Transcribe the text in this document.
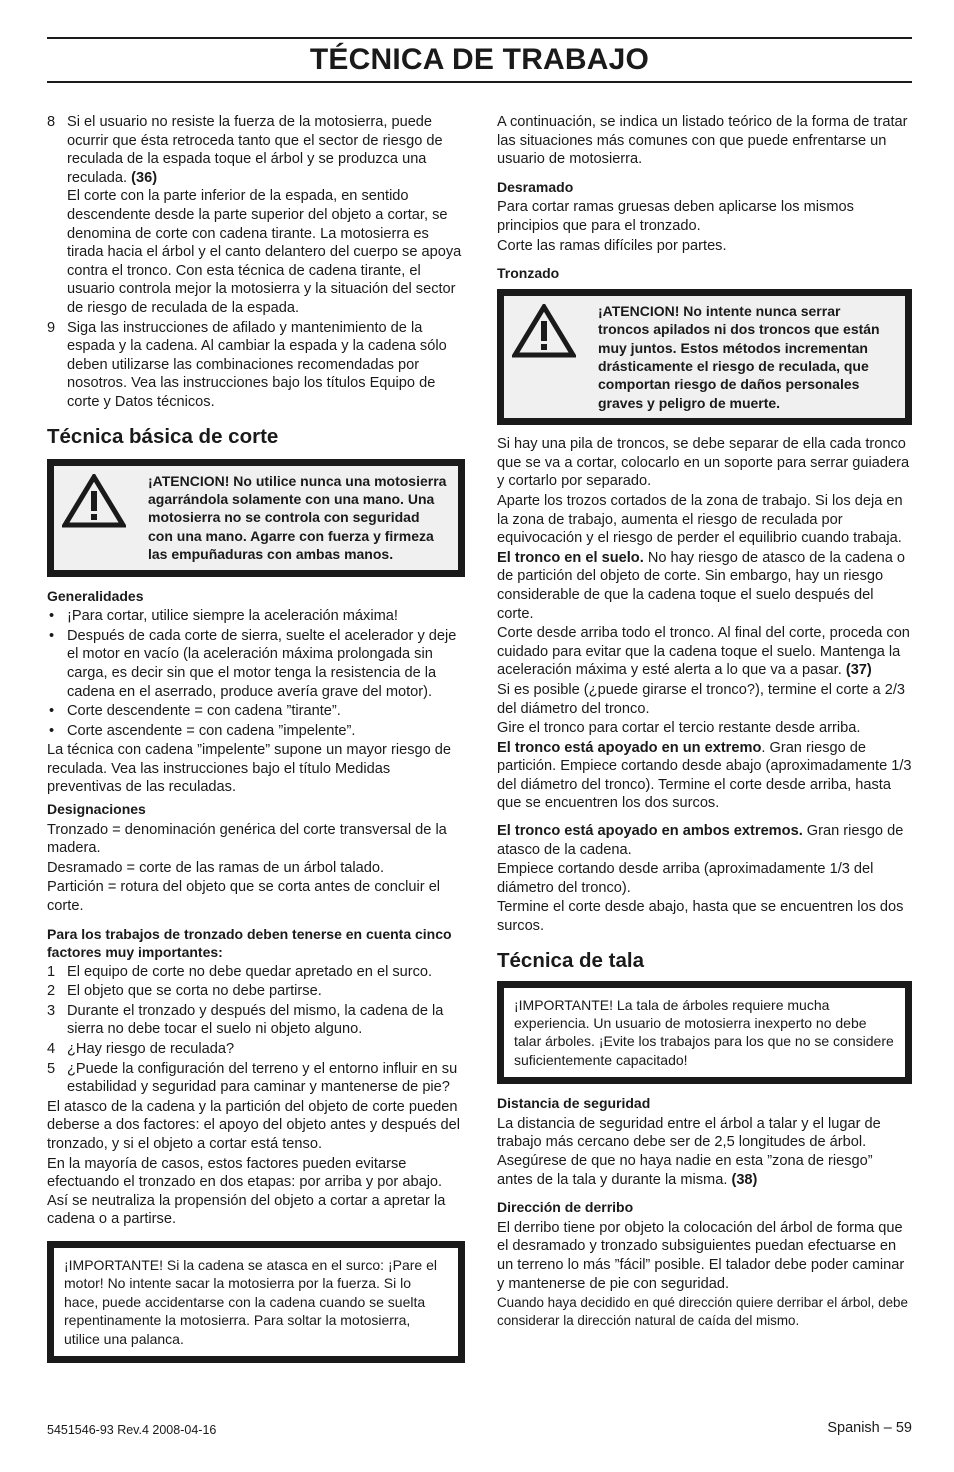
TÉCNICA DE TRABAJO
8 Si el usuario no resiste la fuerza de la motosierra, puede ocurrir que ésta retroceda tanto que el sector de riesgo de reculada de la espada toque el árbol y se produzca una reculada. (36)
El corte con la parte inferior de la espada, en sentido descendente desde la parte superior del objeto a cortar, se denomina de corte con cadena tirante. La motosierra es tirada hacia el árbol y el canto delantero del cuerpo se apoya contra el tronco. Con esta técnica de cadena tirante, el usuario controla mejor la motosierra y la situación del sector de riesgo de reculada de la espada.
9 Siga las instrucciones de afilado y mantenimiento de la espada y la cadena. Al cambiar la espada y la cadena sólo deben utilizarse las combinaciones recomendadas por nosotros. Vea las instrucciones bajo los títulos Equipo de corte y Datos técnicos.
Técnica básica de corte
¡ATENCION! No utilice nunca una motosierra agarrándola solamente con una mano. Una motosierra no se controla con seguridad con una mano. Agarre con fuerza y firmeza las empuñaduras con ambas manos.
Generalidades
• ¡Para cortar, utilice siempre la aceleración máxima!
• Después de cada corte de sierra, suelte el acelerador y deje el motor en vacío (la aceleración máxima prolongada sin carga, es decir sin que el motor tenga la resistencia de la cadena en el aserrado, produce avería grave del motor).
• Corte descendente = con cadena ”tirante”.
• Corte ascendente = con cadena ”impelente”.
La técnica con cadena ”impelente” supone un mayor riesgo de reculada. Vea las instrucciones bajo el título Medidas preventivas de las reculadas.
Designaciones
Tronzado = denominación genérica del corte transversal de la madera.
Desramado = corte de las ramas de un árbol talado.
Partición = rotura del objeto que se corta antes de concluir el corte.
Para los trabajos de tronzado deben tenerse en cuenta cinco factores muy importantes:
1 El equipo de corte no debe quedar apretado en el surco.
2 El objeto que se corta no debe partirse.
3 Durante el tronzado y después del mismo, la cadena de la sierra no debe tocar el suelo ni objeto alguno.
4 ¿Hay riesgo de reculada?
5 ¿Puede la configuración del terreno y el entorno influir en su estabilidad y seguridad para caminar y mantenerse de pie?
El atasco de la cadena y la partición del objeto de corte pueden deberse a dos factores: el apoyo del objeto antes y después del tronzado, y si el objeto a cortar está tenso.
En la mayoría de casos, estos factores pueden evitarse efectuando el tronzado en dos etapas: por arriba y por abajo. Así se neutraliza la propensión del objeto a cortar a apretar la cadena o a partirse.
¡IMPORTANTE! Si la cadena se atasca en el surco: ¡Pare el motor! No intente sacar la motosierra por la fuerza. Si lo hace, puede accidentarse con la cadena cuando se suelta repentinamente la motosierra. Para soltar la motosierra, utilice una palanca.
A continuación, se indica un listado teórico de la forma de tratar las situaciones más comunes con que puede enfrentarse un usuario de motosierra.
Desramado
Para cortar ramas gruesas deben aplicarse los mismos principios que para el tronzado.
Corte las ramas difíciles por partes.
Tronzado
¡ATENCION! No intente nunca serrar troncos apilados ni dos troncos que están muy juntos. Estos métodos incrementan drásticamente el riesgo de reculada, que comportan riesgo de daños personales graves y peligro de muerte.
Si hay una pila de troncos, se debe separar de ella cada tronco que se va a cortar, colocarlo en un soporte para serrar guiadera y cortarlo por separado.
Aparte los trozos cortados de la zona de trabajo. Si los deja en la zona de trabajo, aumenta el riesgo de reculada por equivocación y el riesgo de perder el equilibrio cuando trabaja.
El tronco en el suelo. No hay riesgo de atasco de la cadena o de partición del objeto de corte. Sin embargo, hay un riesgo considerable de que la cadena toque el suelo después del corte.
Corte desde arriba todo el tronco. Al final del corte, proceda con cuidado para evitar que la cadena toque el suelo. Mantenga la aceleración máxima y esté alerta a lo que va a pasar. (37)
Si es posible (¿puede girarse el tronco?), termine el corte a 2/3 del diámetro del tronco.
Gire el tronco para cortar el tercio restante desde arriba.
El tronco está apoyado en un extremo. Gran riesgo de partición. Empiece cortando desde abajo (aproximadamente 1/3 del diámetro del tronco). Termine el corte desde arriba, hasta que se encuentren los dos surcos.
El tronco está apoyado en ambos extremos. Gran riesgo de atasco de la cadena.
Empiece cortando desde arriba (aproximadamente 1/3 del diámetro del tronco).
Termine el corte desde abajo, hasta que se encuentren los dos surcos.
Técnica de tala
¡IMPORTANTE! La tala de árboles requiere mucha experiencia. Un usuario de motosierra inexperto no debe talar árboles. ¡Evite los trabajos para los que no se considere suficientemente capacitado!
Distancia de seguridad
La distancia de seguridad entre el árbol a talar y el lugar de trabajo más cercano debe ser de 2,5 longitudes de árbol. Asegúrese de que no haya nadie en esta ”zona de riesgo” antes de la tala y durante la misma. (38)
Dirección de derribo
El derribo tiene por objeto la colocación del árbol de forma que el desramado y tronzado subsiguientes puedan efectuarse en un terreno lo más ”fácil” posible. El talador debe poder caminar y mantenerse de pie con seguridad.
Cuando haya decidido en qué dirección quiere derribar el árbol, debe considerar la dirección natural de caída del mismo.
5451546-93 Rev.4 2008-04-16	Spanish – 59
